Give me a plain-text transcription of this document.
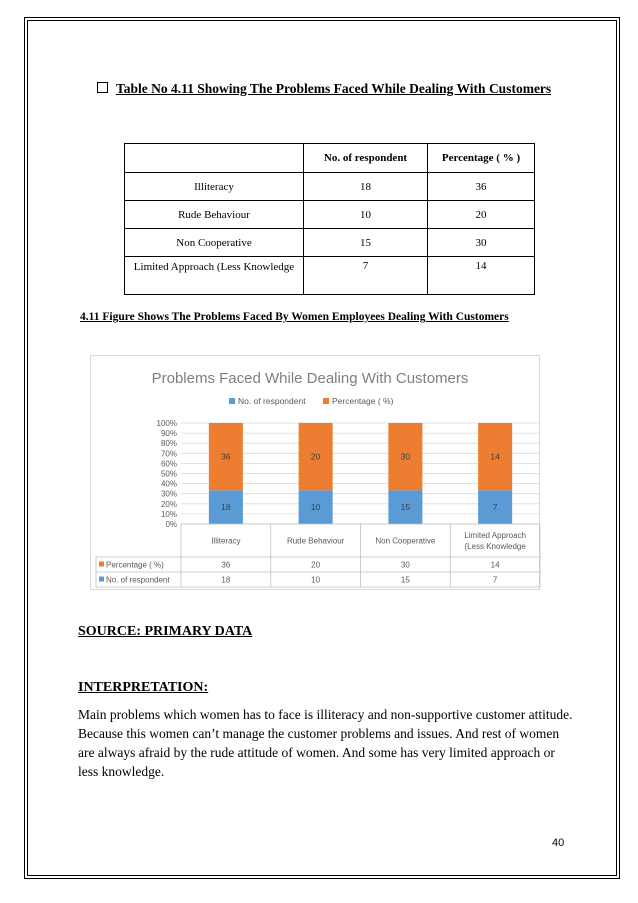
Table No 4.11 Showing The Problems Faced While Dealing With Customers
	No. of respondent	Percentage ( % )
Illiteracy	18	36
Rude Behaviour	10	20
Non Cooperative	15	30
Limited Approach (Less Knowledge	7	14
4.11 Figure Shows The Problems Faced By Women Employees Dealing With Customers
Problems Faced While Dealing With Customers
No. of respondent	Percentage ( %)
0%
10%
20%
30%
40%
50%
60%
70%
80%
90%
100%
18
36
10
20
15
30
7
14
Illiteracy	Rude Behaviour	Non Cooperative
Limited Approach
(Less Knowledge
Percentage ( %)	36	20	30	14
No. of respondent	18	10	15	7
SOURCE: PRIMARY DATA
INTERPRETATION:
Main problems which women has to face is illiteracy and non-supportive customer attitude. Because this women can’t manage the customer problems and issues. And rest of women are always afraid by the rude attitude of women. And some has very limited approach or less knowledge.
40
